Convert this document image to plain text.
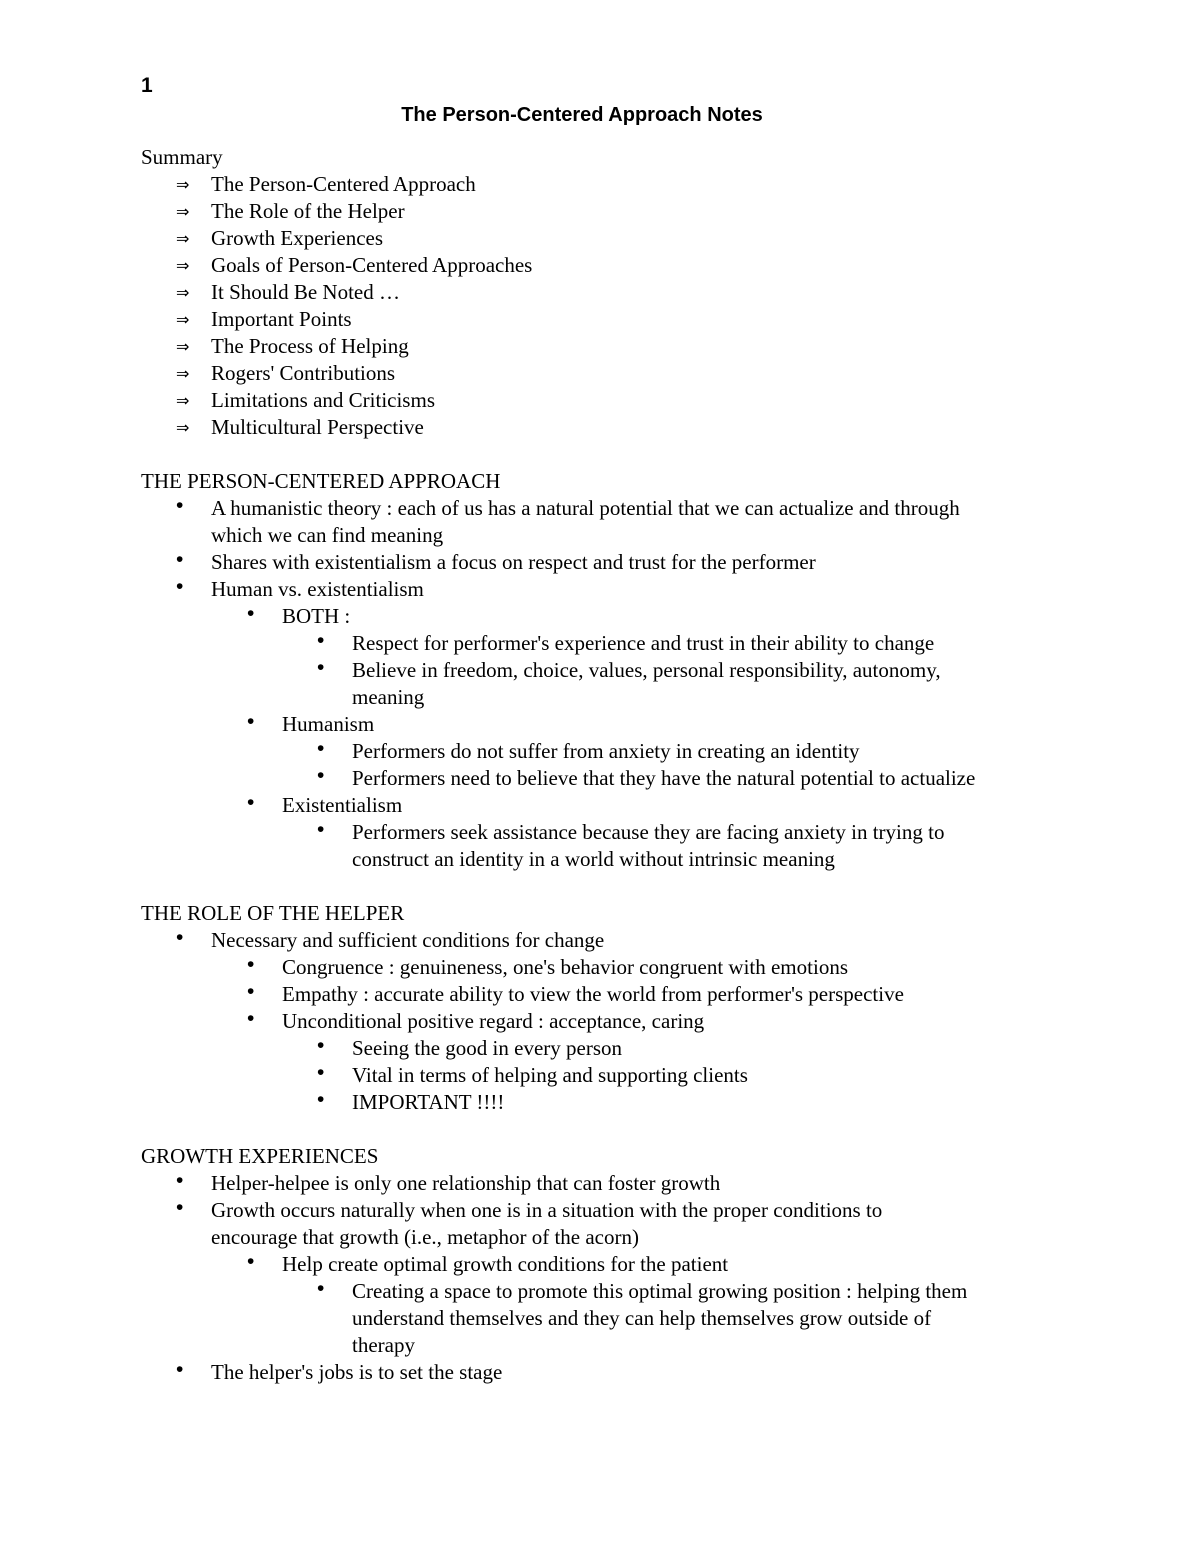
1
The Person-Centered Approach Notes
Summary
⇒ The Person-Centered Approach
⇒ The Role of the Helper
⇒ Growth Experiences
⇒ Goals of Person-Centered Approaches
⇒ It Should Be Noted …
⇒ Important Points
⇒ The Process of Helping
⇒ Rogers' Contributions
⇒ Limitations and Criticisms
⇒ Multicultural Perspective
THE PERSON-CENTERED APPROACH
• A humanistic theory : each of us has a natural potential that we can actualize and through
which we can find meaning
• Shares with existentialism a focus on respect and trust for the performer
• Human vs. existentialism
• BOTH :
• Respect for performer's experience and trust in their ability to change
• Believe in freedom, choice, values, personal responsibility, autonomy,
meaning
• Humanism
• Performers do not suffer from anxiety in creating an identity
• Performers need to believe that they have the natural potential to actualize
• Existentialism
• Performers seek assistance because they are facing anxiety in trying to
construct an identity in a world without intrinsic meaning
THE ROLE OF THE HELPER
• Necessary and sufficient conditions for change
• Congruence : genuineness, one's behavior congruent with emotions
• Empathy : accurate ability to view the world from performer's perspective
• Unconditional positive regard : acceptance, caring
• Seeing the good in every person
• Vital in terms of helping and supporting clients
• IMPORTANT !!!!
GROWTH EXPERIENCES
• Helper-helpee is only one relationship that can foster growth
• Growth occurs naturally when one is in a situation with the proper conditions to
encourage that growth (i.e., metaphor of the acorn)
• Help create optimal growth conditions for the patient
• Creating a space to promote this optimal growing position : helping them
understand themselves and they can help themselves grow outside of
therapy
• The helper's jobs is to set the stage
